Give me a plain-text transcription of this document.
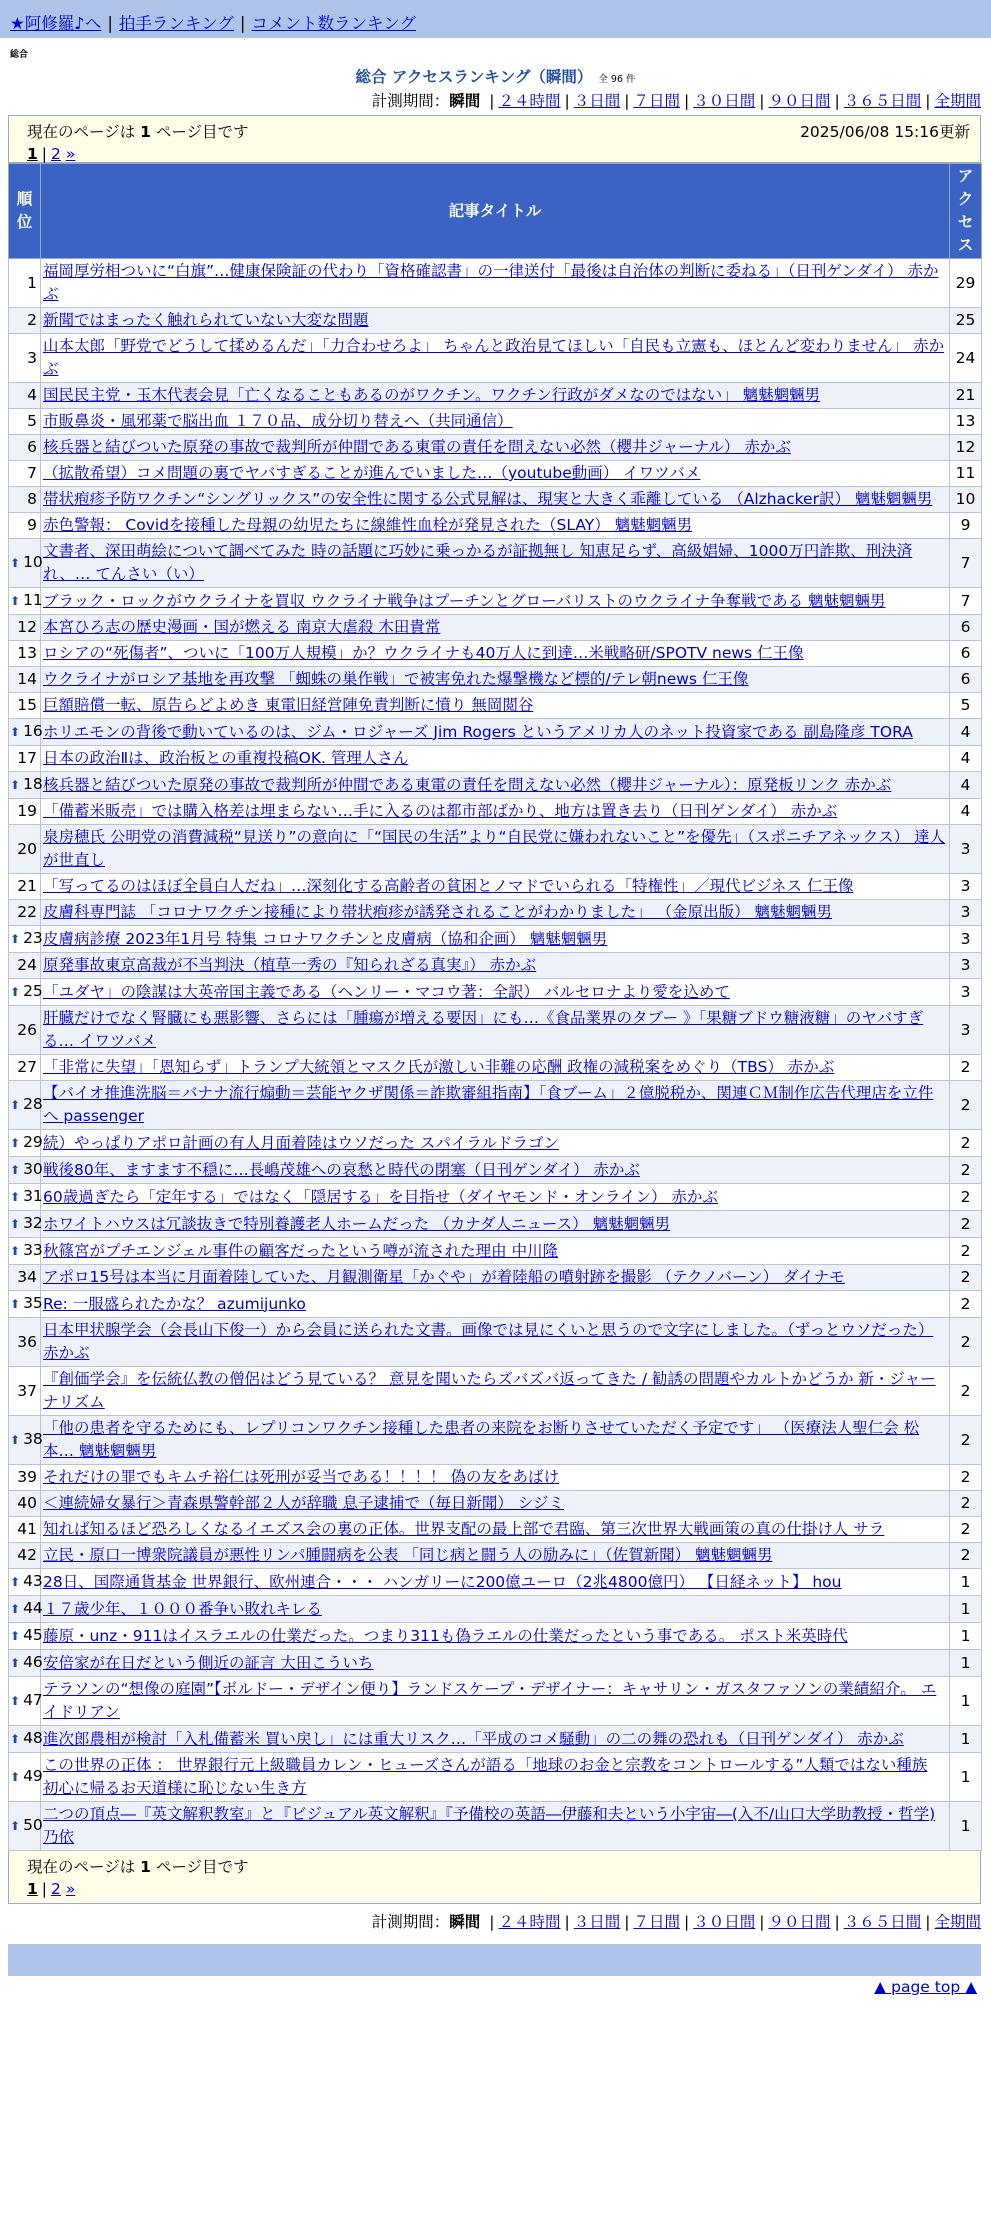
★阿修羅♪へ | 拍手ランキング | コメント数ランキング
総合
総合 アクセスランキング（瞬間） 全 96 件
計測期間：瞬間 | ２４時間 | ３日間 | ７日間 | ３０日間 | ９０日間 | ３６５日間 | 全期間
現在のページは 1 ページ目です	2025/06/08 15:16更新
1 | 2 »
順位	記事タイトル	アクセス
1	福岡厚労相ついに“白旗”…健康保険証の代わり「資格確認書」の一律送付「最後は自治体の判断に委ねる」（日刊ゲンダイ） 赤かぶ	29
2	新聞ではまったく触れられていない大変な問題	25
3	山本太郎「野党でどうして揉めるんだ」「力合わせろよ」 ちゃんと政治見てほしい「自民も立憲も、ほとんど変わりません」 赤かぶ	24
4	国民民主党・玉木代表会見「亡くなることもあるのがワクチン。ワクチン行政がダメなのではない」 魑魅魍魎男	21
5	市販鼻炎・風邪薬で脳出血 １７０品、成分切り替えへ（共同通信）	13
6	核兵器と結びついた原発の事故で裁判所が仲間である東電の責任を問えない必然（櫻井ジャーナル） 赤かぶ	12
7	（拡散希望）コメ問題の裏でヤバすぎることが進んでいました…（youtube動画） イワツバメ	11
8	帯状疱疹予防ワクチン“シングリックス”の安全性に関する公式見解は、現実と大きく乖離している （Alzhacker訳） 魑魅魍魎男	10
9	赤色警報： Covidを接種した母親の幼児たちに線維性血栓が発見された（SLAY） 魑魅魍魎男	9
⬆ 10	文書者、深田萌絵について調べてみた 時の話題に巧妙に乗っかるが証拠無し 知恵足らず、高級娼婦、1000万円詐欺、刑決済れ、… てんさい（い）	7
⬆ 11	ブラック・ロックがウクライナを買収 ウクライナ戦争はプーチンとグローバリストのウクライナ争奪戦である 魑魅魍魎男	7
12	本宮ひろ志の歴史漫画・国が燃える 南京大虐殺 木田貴常	6
13	ロシアの“死傷者”、ついに「100万人規模」か？ウクライナも40万人に到達…米戦略研/SPOTV news 仁王像	6
14	ウクライナがロシア基地を再攻撃 「蜘蛛の巣作戦」で被害免れた爆撃機など標的/テレ朝news 仁王像	6
15	巨額賠償一転、原告らどよめき 東電旧経営陣免責判断に憤り 無岡閲谷	5
⬆ 16	ホリエモンの背後で動いているのは、ジム・ロジャーズ Jim Rogers というアメリカ人のネット投資家である 副島隆彦 TORA	4
17	日本の政治Ⅱは、政治板との重複投稿OK. 管理人さん	4
⬆ 18	核兵器と結びついた原発の事故で裁判所が仲間である東電の責任を問えない必然（櫻井ジャーナル）：原発板リンク 赤かぶ	4
19	「備蓄米販売」では購入格差は埋まらない…手に入るのは都市部ばかり、地方は置き去り（日刊ゲンダイ） 赤かぶ	4
20	泉房穂氏 公明党の消費減税“見送り”の意向に「“国民の生活”より“自民党に嫌われないこと”を優先」（スポニチアネックス） 達人が世直し	3
21	「写ってるのはほぼ全員白人だね」…深刻化する高齢者の貧困とノマドでいられる「特権性」／現代ビジネス 仁王像	3
22	皮膚科専門誌 「コロナワクチン接種により帯状疱疹が誘発されることがわかりました」 （金原出版） 魑魅魍魎男	3
⬆ 23	皮膚病診療 2023年1月号 特集 コロナワクチンと皮膚病（協和企画） 魑魅魍魎男	3
24	原発事故東京高裁が不当判決（植草一秀の『知られざる真実』） 赤かぶ	3
⬆ 25	「ユダヤ」の陰謀は大英帝国主義である（ヘンリー・マコウ著：全訳） バルセロナより愛を込めて	3
26	肝臓だけでなく腎臓にも悪影響、さらには「腫瘍が増える要因」にも…《食品業界のタブー 》「果糖ブドウ糖液糖」のヤバすぎる… イワツバメ	3
27	「非常に失望」「恩知らず」トランプ大統領とマスク氏が激しい非難の応酬 政権の減税案をめぐり（TBS） 赤かぶ	2
⬆ 28	【バイオ推進洗脳＝バナナ流行煽動＝芸能ヤクザ関係＝詐欺審組指南】「食ブーム」２億脱税か、関連ＣＭ制作広告代理店を立件へ passenger	2
⬆ 29	続）やっぱりアポロ計画の有人月面着陸はウソだった スパイラルドラゴン	2
⬆ 30	戦後80年、ますます不穏に…長嶋茂雄への哀愁と時代の閉塞（日刊ゲンダイ） 赤かぶ	2
⬆ 31	60歳過ぎたら「定年する」ではなく「隠居する」を目指せ（ダイヤモンド・オンライン） 赤かぶ	2
⬆ 32	ホワイトハウスは冗談抜きで特別養護老人ホームだった （カナダ人ニュース） 魑魅魍魎男	2
⬆ 33	秋篠宮がプチエンジェル事件の顧客だったという噂が流された理由 中川隆	2
34	アポロ15号は本当に月面着陸していた、月観測衛星「かぐや」が着陸船の噴射跡を撮影 （テクノバーン） ダイナモ	2
⬆ 35	Re: 一服盛られたかな？ azumijunko	2
36	日本甲状腺学会（会長山下俊一）から会員に送られた文書。画像では見にくいと思うので文字にしました。（ずっとウソだった） 赤かぶ	2
37	『創価学会』を伝統仏教の僧侶はどう見ている？ 意見を聞いたらズバズバ返ってきた / 勧誘の問題やカルトかどうか 新・ジャーナリズム	2
⬆ 38	「他の患者を守るためにも、レプリコンワクチン接種した患者の来院をお断りさせていただく予定です」 （医療法人聖仁会 松本… 魑魅魍魎男	2
39	それだけの罪でもキムチ裕仁は死刑が妥当である！！！！ 偽の友をあばけ	2
40	＜連続婦女暴行＞青森県警幹部２人が辞職 息子逮捕で（毎日新聞） シジミ	2
41	知れば知るほど恐ろしくなるイエズス会の裏の正体。世界支配の最上部で君臨、第三次世界大戦画策の真の仕掛け人 サラ	2
42	立民・原口一博衆院議員が悪性リンパ腫闘病を公表 「同じ病と闘う人の励みに」（佐賀新聞） 魑魅魍魎男	2
⬆ 43	28日、国際通貨基金 世界銀行、欧州連合・・・ ハンガリーに200億ユーロ（2兆4800億円） 【日経ネット】 hou	1
⬆ 44	１７歳少年、１０００番争い敗れキレる	1
⬆ 45	藤原・unz・911はイスラエルの仕業だった。つまり311も偽ラエルの仕業だったという事である。 ポスト米英時代	1
⬆ 46	安倍家が在日だという側近の証言 大田こういち	1
⬆ 47	テラソンの“想像の庭園”【ボルドー・デザイン便り】ランドスケープ・デザイナー：キャサリン・ガスタファソンの業績紹介。 エイドリアン	1
⬆ 48	進次郎農相が検討「入札備蓄米 買い戻し」には重大リスク…「平成のコメ騒動」の二の舞の恐れも（日刊ゲンダイ） 赤かぶ	1
⬆ 49	この世界の正体 ： 世界銀行元上級職員カレン・ヒューズさんが語る「地球のお金と宗教をコントロールする”人類ではない種族 初心に帰るお天道様に恥じない生き方	1
⬆ 50	二つの頂点―『英文解釈教室』と『ビジュアル英文解釈』『予備校の英語―伊藤和夫という小宇宙―(入不/山口大学助教授・哲学) 乃依	1
現在のページは 1 ページ目です
1 | 2 »
計測期間：瞬間 | ２４時間 | ３日間 | ７日間 | ３０日間 | ９０日間 | ３６５日間 | 全期間
▲ page top ▲
